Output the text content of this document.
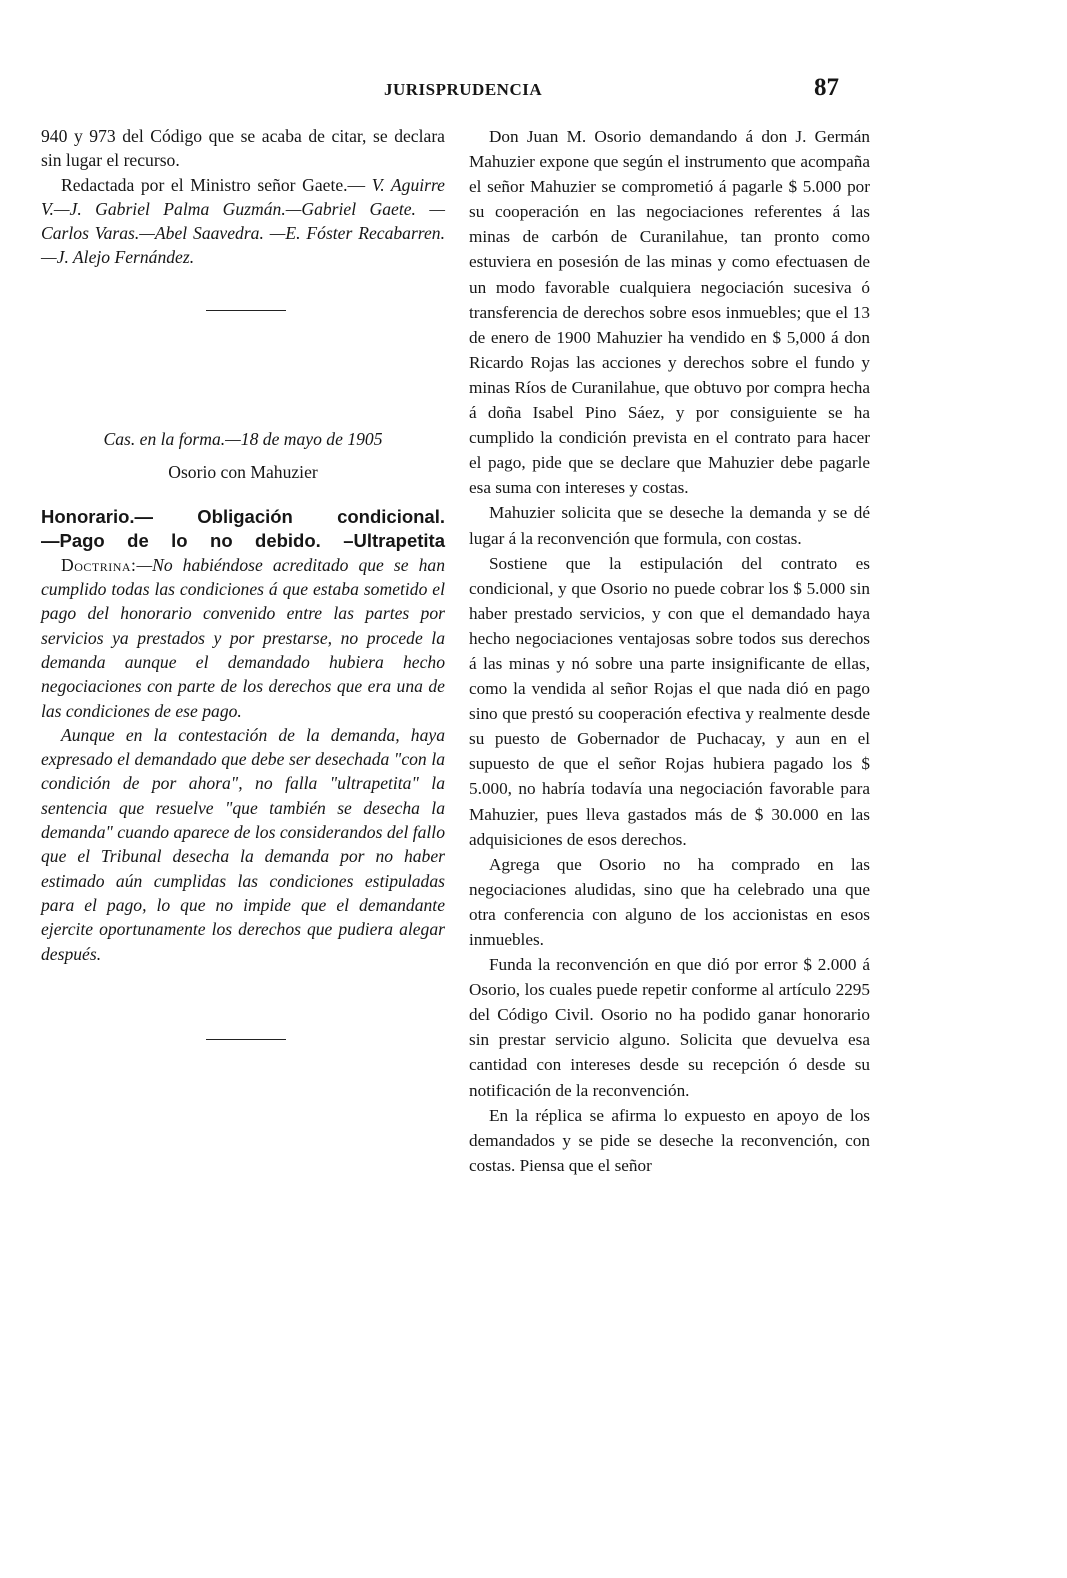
JURISPRUDENCIA	87

940 y 973 del Código que se acaba de citar, se declara sin lugar el recurso.

Redactada por el Ministro señor Gaete.— V. Aguirre V.—J. Gabriel Palma Guzmán.—Gabriel Gaete. —Carlos Varas.—Abel Saavedra. —E. Fóster Recabarren.—J. Alejo Fernández.

Cas. en la forma.—18 de mayo de 1905
Osorio con Mahuzier
Honorario.— Obligación condicional.
—Pago de lo no debido. –Ultrapetita

Doctrina:—No habiéndose acreditado que se han cumplido todas las condiciones á que estaba sometido el pago del honorario convenido entre las partes por servicios ya prestados y por prestarse, no procede la demanda aunque el demandado hubiera hecho negociaciones con parte de los derechos que era una de las condiciones de ese pago.

Aunque en la contestación de la demanda, haya expresado el demandado que debe ser desechada "con la condición de por ahora", no falla "ultrapetita" la sentencia que resuelve "que también se desecha la demanda" cuando aparece de los considerandos del fallo que el Tribunal desecha la demanda por no haber estimado aún cumplidas las condiciones estipuladas para el pago, lo que no impide que el demandante ejercite oportunamente los derechos que pudiera alegar después.

Don Juan M. Osorio demandando á don J. Germán Mahuzier expone que según el instrumento que acompaña el señor Mahuzier se comprometió á pagarle $ 5.000 por su cooperación en las negociaciones referentes á las minas de carbón de Curanilahue, tan pronto como estuviera en posesión de las minas y como efectuasen de un modo favorable cualquiera negociación sucesiva ó transferencia de derechos sobre esos inmuebles; que el 13 de enero de 1900 Mahuzier ha vendido en $ 5,000 á don Ricardo Rojas las acciones y derechos sobre el fundo y minas Ríos de Curanilahue, que obtuvo por compra hecha á doña Isabel Pino Sáez, y por consiguiente se ha cumplido la condición prevista en el contrato para hacer el pago, pide que se declare que Mahuzier debe pagarle esa suma con intereses y costas.

Mahuzier solicita que se deseche la demanda y se dé lugar á la reconvención que formula, con costas.

Sostiene que la estipulación del contrato es condicional, y que Osorio no puede cobrar los $ 5.000 sin haber prestado servicios, y con que el demandado haya hecho negociaciones ventajosas sobre todos sus derechos á las minas y nó sobre una parte insignificante de ellas, como la vendida al señor Rojas el que nada dió en pago sino que prestó su cooperación efectiva y realmente desde su puesto de Gobernador de Puchacay, y aun en el supuesto de que el señor Rojas hubiera pagado los $ 5.000, no habría todavía una negociación favorable para Mahuzier, pues lleva gastados más de $ 30.000 en las adquisiciones de esos derechos.

Agrega que Osorio no ha comprado en las negociaciones aludidas, sino que ha celebrado una que otra conferencia con alguno de los accionistas en esos inmuebles.

Funda la reconvención en que dió por error $ 2.000 á Osorio, los cuales puede repetir conforme al artículo 2295 del Código Civil. Osorio no ha podido ganar honorario sin prestar servicio alguno. Solicita que devuelva esa cantidad con intereses desde su recepción ó desde su notificación de la reconvención.

En la réplica se afirma lo expuesto en apoyo de los demandados y se pide se deseche la reconvención, con costas. Piensa que el señor
